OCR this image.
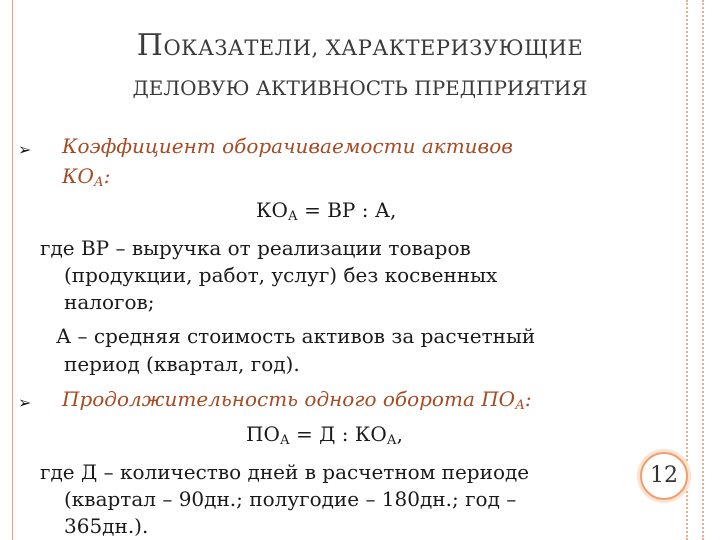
ПОКАЗАТЕЛИ, ХАРАКТЕРИЗУЮЩИЕ
ДЕЛОВУЮ АКТИВНОСТЬ ПРЕДПРИЯТИЯ
➢ Коэффициент оборачиваемости активов
$КО_А$:
$КО_А$ = ВР : А,
где ВР – выручка от реализации товаров
(продукции, работ, услуг) без косвенных
налогов;
А – средняя стоимость активов за расчетный
период (квартал, год).
➢ Продолжительность одного оборота $ПО_А$:
$ПО_А = Д$ : $КО_А$,
где Д – количество дней в расчетном периоде
(квартал – 90дн.; полугодие – 180дн.; год –
365дн.).
12
